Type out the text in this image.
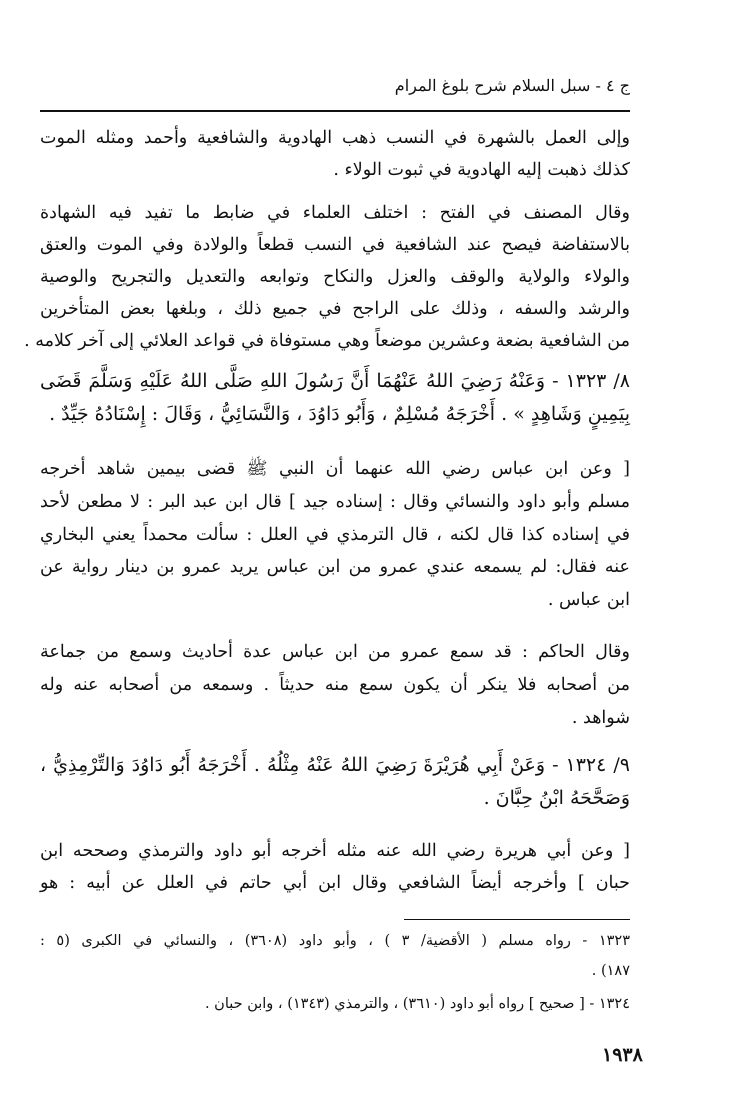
ج ٤ - سبل السلام شرح بلوغ المرام
وإلى العمل بالشهرة في النسب ذهب الهادوية والشافعية وأحمد ومثله الموت
كذلك ذهبت إليه الهادوية في ثبوت الولاء .
وقال المصنف في الفتح : اختلف العلماء في ضابط ما تفيد فيه الشهادة
بالاستفاضة فيصح عند الشافعية في النسب قطعاً والولادة وفي الموت والعتق
والولاء والولاية والوقف والعزل والنكاح وتوابعه والتعديل والتجريح والوصية
والرشد والسفه ، وذلك على الراجح في جميع ذلك ، وبلغها بعض المتأخرين
من الشافعية بضعة وعشرين موضعاً وهي مستوفاة في قواعد العلائي إلى آخر كلامه .
٨/ ١٣٢٣ - وَعَنْهُ رَضِيَ اللهُ عَنْهُمَا أَنَّ رَسُولَ اللهِ صَلَّى اللهُ عَلَيْهِ وَسَلَّمَ قَضَى
بِيَمِينٍ وَشَاهِدٍ » . أَخْرَجَهُ مُسْلِمٌ ، وَأَبُو دَاوُدَ ، وَالنَّسَائِيُّ ، وَقَالَ : إِسْنَادُهُ جَيِّدٌ .
[ وعن ابن عباس رضي الله عنهما أن النبي ﷺ قضى بيمين شاهد أخرجه
مسلم وأبو داود والنسائي وقال : إسناده جيد ] قال ابن عبد البر : لا مطعن لأحد
في إسناده كذا قال لكنه ، قال الترمذي في العلل : سألت محمداً يعني البخاري
عنه فقال: لم يسمعه عندي عمرو من ابن عباس يريد عمرو بن دينار رواية عن
ابن عباس .
وقال الحاكم : قد سمع عمرو من ابن عباس عدة أحاديث وسمع من جماعة
من أصحابه فلا ينكر أن يكون سمع منه حديثاً . وسمعه من أصحابه عنه وله
شواهد .
٩/ ١٣٢٤ - وَعَنْ أَبِي هُرَيْرَةَ رَضِيَ اللهُ عَنْهُ مِثْلُهُ . أَخْرَجَهُ أَبُو دَاوُدَ وَالتِّرْمِذِيُّ ،
وَصَحَّحَهُ ابْنُ حِبَّانَ .
[ وعن أبي هريرة رضي الله عنه مثله أخرجه أبو داود والترمذي وصححه ابن
حبان ] وأخرجه أيضاً الشافعي وقال ابن أبي حاتم في العلل عن أبيه : هو
١٣٢٣ - رواه مسلم ( الأقضية/ ٣ ) ، وأبو داود (٣٦٠٨) ، والنسائي في الكبرى (٥ :
١٨٧) .
١٣٢٤ - [ صحيح ] رواه أبو داود (٣٦١٠) ، والترمذي (١٣٤٣) ، وابن حبان .
١٩٣٨
